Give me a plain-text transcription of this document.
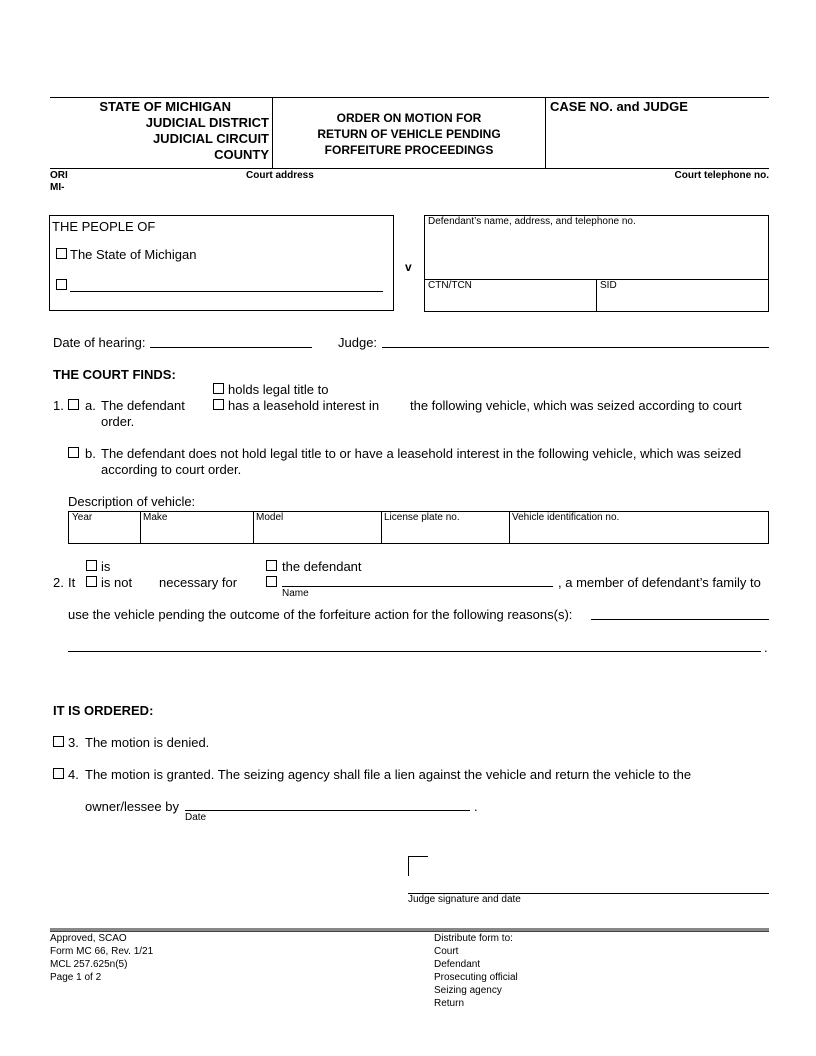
STATE OF MICHIGAN
JUDICIAL DISTRICT
JUDICIAL CIRCUIT
COUNTY
ORDER ON MOTION FOR
RETURN OF VEHICLE PENDING
FORFEITURE PROCEEDINGS
CASE NO. and JUDGE
ORI
MI-
Court address	Court telephone no.
THE PEOPLE OF
The State of Michigan
v
Defendant’s name, address, and telephone no.
CTN/TCN	SID
Date of hearing:	Judge:
THE COURT FINDS:
holds legal title to
1. a. The defendant	has a leasehold interest in the following vehicle, which was seized according to court
order.
b. The defendant does not hold legal title to or have a leasehold interest in the following vehicle, which was seized
according to court order.
Description of vehicle:
Year	Make	Model	License plate no.	Vehicle identification no.
is	the defendant
2. It is not necessary for
Name
, a member of defendant’s family to
use the vehicle pending the outcome of the forfeiture action for the following reasons(s):
.
IT IS ORDERED:
3. The motion is denied.
4. The motion is granted. The seizing agency shall file a lien against the vehicle and return the vehicle to the
owner/lessee by
Date
.
Judge signature and date
Approved, SCAO
Form MC 66, Rev. 1/21
MCL 257.625n(5)
Page 1 of 2
Distribute form to:
Court
Defendant
Prosecuting official
Seizing agency
Return
